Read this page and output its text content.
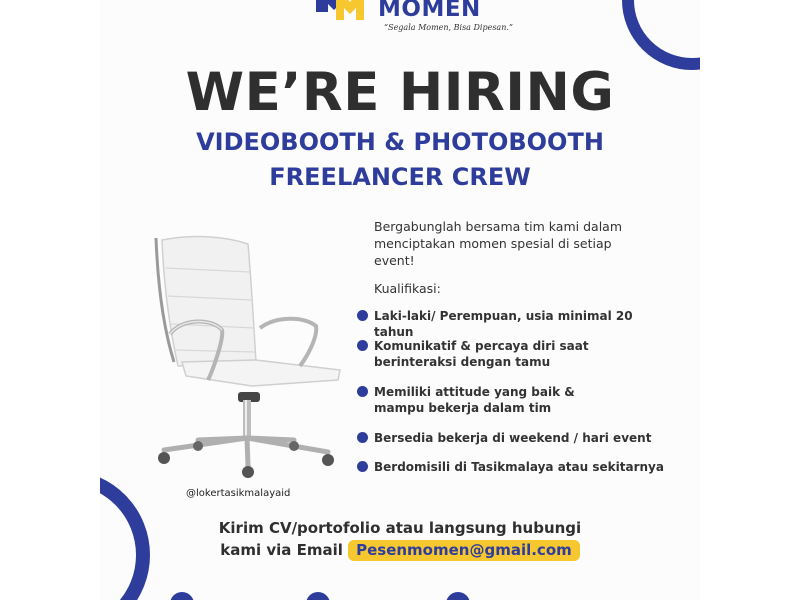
MOMEN
“Segala Momen, Bisa Dipesan.”
WE’RE HIRING
VIDEOBOOTH & PHOTOBOOTH
FREELANCER CREW
@lokertasikmalayaid
Bergabunglah bersama tim kami dalam menciptakan momen spesial di setiap event!
Kualifikasi:
Laki-laki/ Perempuan, usia minimal 20 tahun
Komunikatif & percaya diri saat berinteraksi dengan tamu
Memiliki attitude yang baik & mampu bekerja dalam tim
Bersedia bekerja di weekend / hari event
Berdomisili di Tasikmalaya atau sekitarnya
Kirim CV/portofolio atau langsung hubungi
kami via Email Pesenmomen@gmail.com
